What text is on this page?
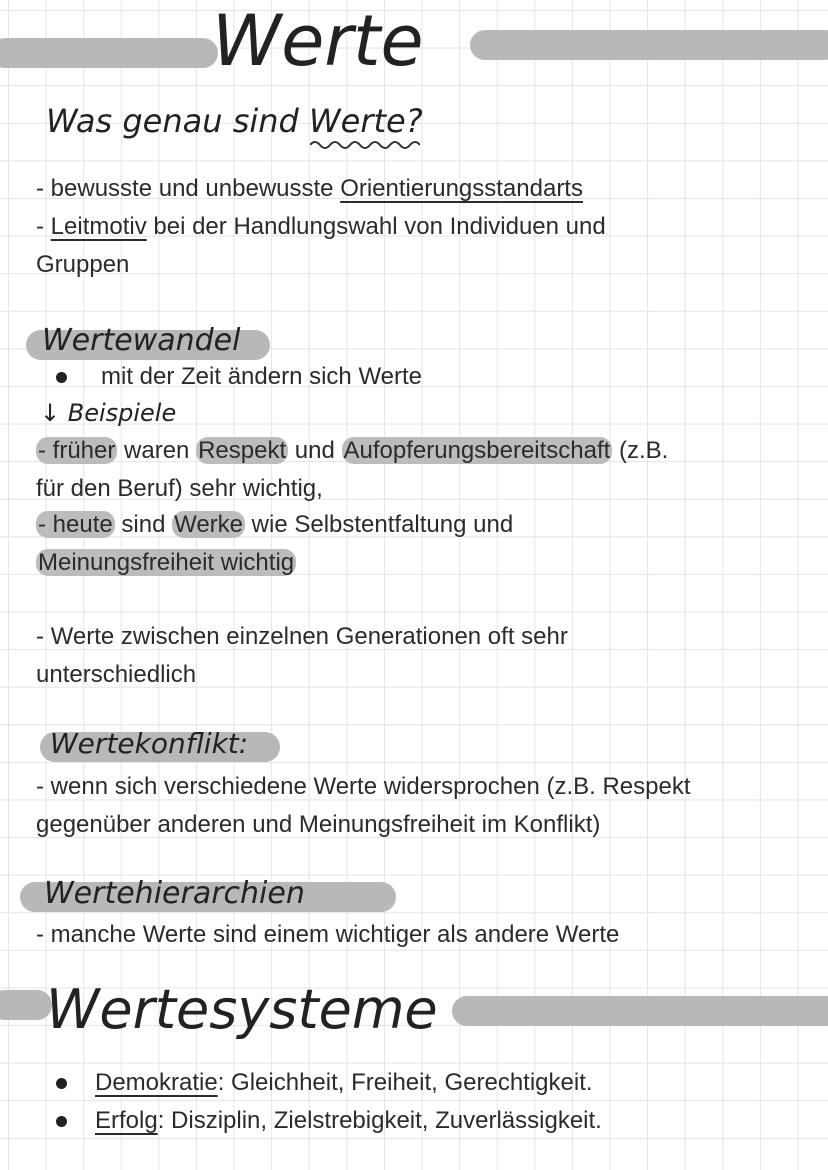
Werte
Was genau sind Werte?
- bewusste und unbewusste Orientierungsstandarts
- Leitmotiv bei der Handlungswahl von Individuen und
Gruppen
Wertewandel
mit der Zeit ändern sich Werte
↓ Beispiele
- früher waren Respekt und Aufopferungsbereitschaft (z.B.
für den Beruf) sehr wichtig,
- heute sind Werke wie Selbstentfaltung und
Meinungsfreiheit wichtig
- Werte zwischen einzelnen Generationen oft sehr
unterschiedlich
Wertekonflikt:
- wenn sich verschiedene Werte widersprochen (z.B. Respekt
gegenüber anderen und Meinungsfreiheit im Konflikt)
Wertehierarchien
- manche Werte sind einem wichtiger als andere Werte
Wertesysteme
Demokratie: Gleichheit, Freiheit, Gerechtigkeit.
Erfolg: Disziplin, Zielstrebigkeit, Zuverlässigkeit.
